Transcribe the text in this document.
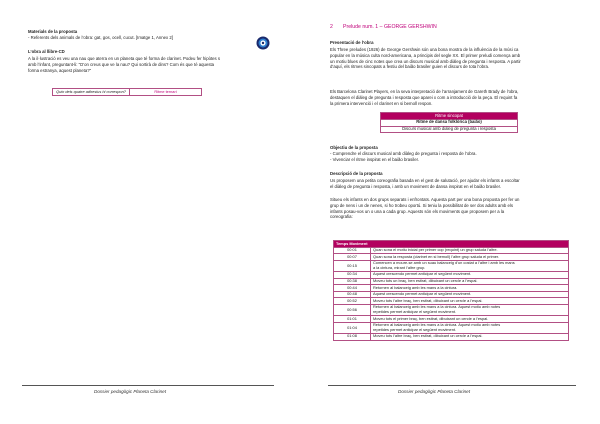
Materials de la proposta
- Referents dels animals de l’obra: gat, gos, ocell, cucut. [Imatge 1, Annex 2]
L’obra al llibre-CD
A la il·lustració es veu una nau que aterra en un planeta que té forma de clarinet. Podeu fer hipòtes s
amb l’infant, preguntant-li: “D’on creus que ve la nau? Qui sortirà de dins? Com és que té aquesta
forma estranya, aquest planeta?”
Quin dels quatre adhesius hi correspon?	Ritme ternari
Dossier pedagògic Planeta Clarinet
2 Prelude num. 1 – GEORGE GERSHWIN
Presentació de l’obra
Els Three preludes (1926) de George Gershwin són una bona mostra de la influència de la músi ca
popular en la música culta nord-americana, a principis del segle XX. El primer preludi comença amb
un motiu blues de cinc notes que crea un discurs musical amb diàleg de pregunta i resposta. A partir
d’aquí, els ritmes sincopats a festiu del baião brasiler guien el discurs de tota l’obra.
Els Barcelona Clarinet Players, en la seva interpretació de l’arranjament de Gareth Brady de l’obra,
destaquen el diàleg de pregunta i resposta que aparei x com a introducció de la peça. El requint fa
la primera intervenció i el clarinet en si bemoll respon.
Ritme sincopat
Ritme de dansa folklòrica (baião)
Discurs musical amb diàleg de pregunta i resposta
Objectiu de la proposta
- Comprendre el discurs musical amb diàleg de pregunta i resposta de l’obra.
- Vivenciar el ritme inspirat en el baião brasiler.
Descripció de la proposta
Us proposem una petita coreografia basada en el gest de salutació, per ajudar els infants a escoltar
el diàleg de pregunta i resposta, i amb un moviment de dansa inspirat en el baião brasiler.
Situeu els infants en dos grups separats i enfrontats. Aquesta part per una bona proposta per fer un
grup de nens i un de nenes, si ho trobeu oportú. Si teniu la possibilitat de ser dos adults amb els
infants posau-vos un o una a cada grup. Aquests són els moviments que proposem per a la
coreografia:
Temps Moviment	
00:01	Quan sona el motiu inicial per primer cop (requint) un grup saluda l’altre.

00:07	Quan sona la resposta (clarinet en si bemoll) l’altre grup saluda el primer.

00:15	Comencen a moure-se amb un suau balanceig d’un costat a l’altre i amb les mans
a la cintura, mirant l’altre grup.

00:34	Aquest crescendo permet anticipar el següent moviment.

00:38	Moveu tots un braç, ben estirat, dibuixant un cercle a l’espai.

00:44	Retornen al balanceig amb les mans a la cintura.

00:48	Aquest crescendo permet anticipar el següent moviment.

00:52	Moveu tots l’altre braç, ben estirat, dibuixant un cercle a l’espai.

00:56	Retornen al balanceig amb les mans a la cintura. Aquest motiu amb notes
repetides permet anticipar el següent moviment.

01:01	Moveu tots el primer braç, ben estirat, dibuixant un cercle a l’espai.

01:04	Retornen al balanceig amb les mans a la cintura. Aquest motiu amb notes
repetides permet anticipar el següent moviment.

01:08	Moveu tots l’altre braç, ben estirat, dibuixant un cercle a l’espai.
Dossier pedagògic Planeta Clarinet
